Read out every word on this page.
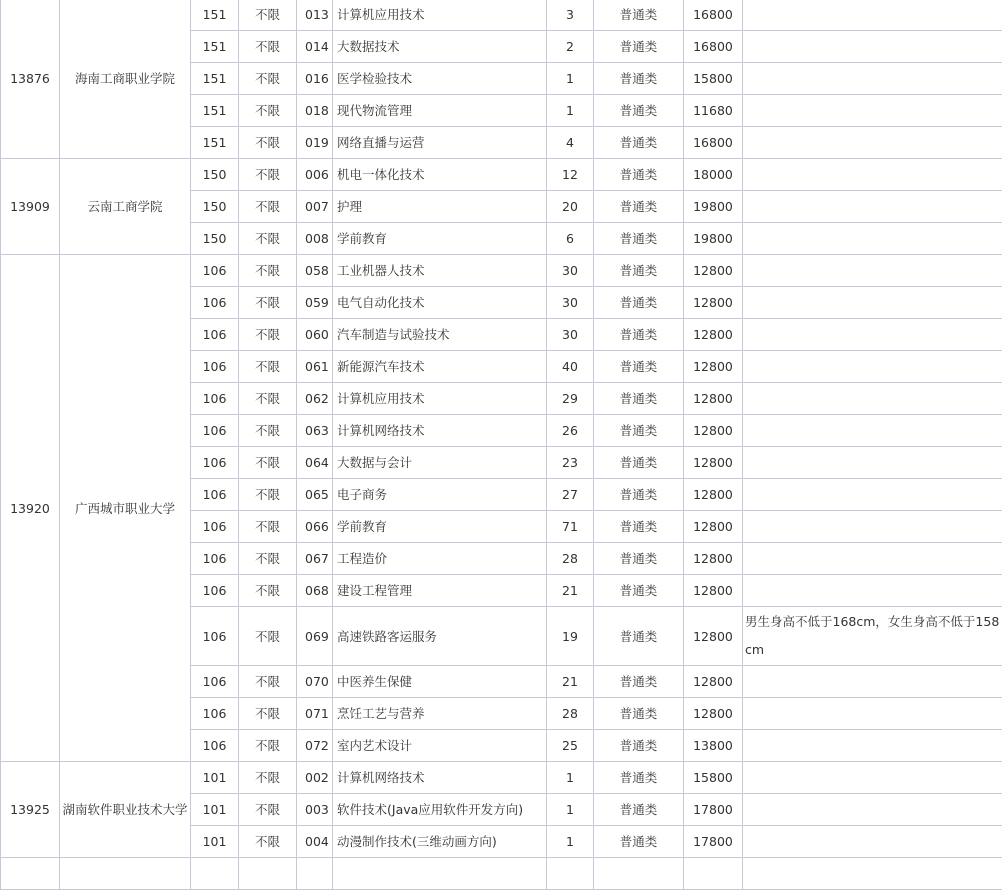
13876	海南工商职业学院	151	不限	013	计算机应用技术	3	普通类	16800	
		151	不限	014	大数据技术	2	普通类	16800	
		151	不限	016	医学检验技术	1	普通类	15800	
		151	不限	018	现代物流管理	1	普通类	11680	
		151	不限	019	网络直播与运营	4	普通类	16800	
13909	云南工商学院	150	不限	006	机电一体化技术	12	普通类	18000	
		150	不限	007	护理	20	普通类	19800	
		150	不限	008	学前教育	6	普通类	19800	
13920	广西城市职业大学	106	不限	058	工业机器人技术	30	普通类	12800	
		106	不限	059	电气自动化技术	30	普通类	12800	
		106	不限	060	汽车制造与试验技术	30	普通类	12800	
		106	不限	061	新能源汽车技术	40	普通类	12800	
		106	不限	062	计算机应用技术	29	普通类	12800	
		106	不限	063	计算机网络技术	26	普通类	12800	
		106	不限	064	大数据与会计	23	普通类	12800	
		106	不限	065	电子商务	27	普通类	12800	
		106	不限	066	学前教育	71	普通类	12800	
		106	不限	067	工程造价	28	普通类	12800	
		106	不限	068	建设工程管理	21	普通类	12800	
		106	不限	069	高速铁路客运服务	19	普通类	12800	男生身高不低于168cm，女生身高不低于158cm
		106	不限	070	中医养生保健	21	普通类	12800	
		106	不限	071	烹饪工艺与营养	28	普通类	12800	
		106	不限	072	室内艺术设计	25	普通类	13800	
13925	湖南软件职业技术大学	101	不限	002	计算机网络技术	1	普通类	15800	
		101	不限	003	软件技术(Java应用软件开发方向)	1	普通类	17800	
		101	不限	004	动漫制作技术(三维动画方向)	1	普通类	17800	
